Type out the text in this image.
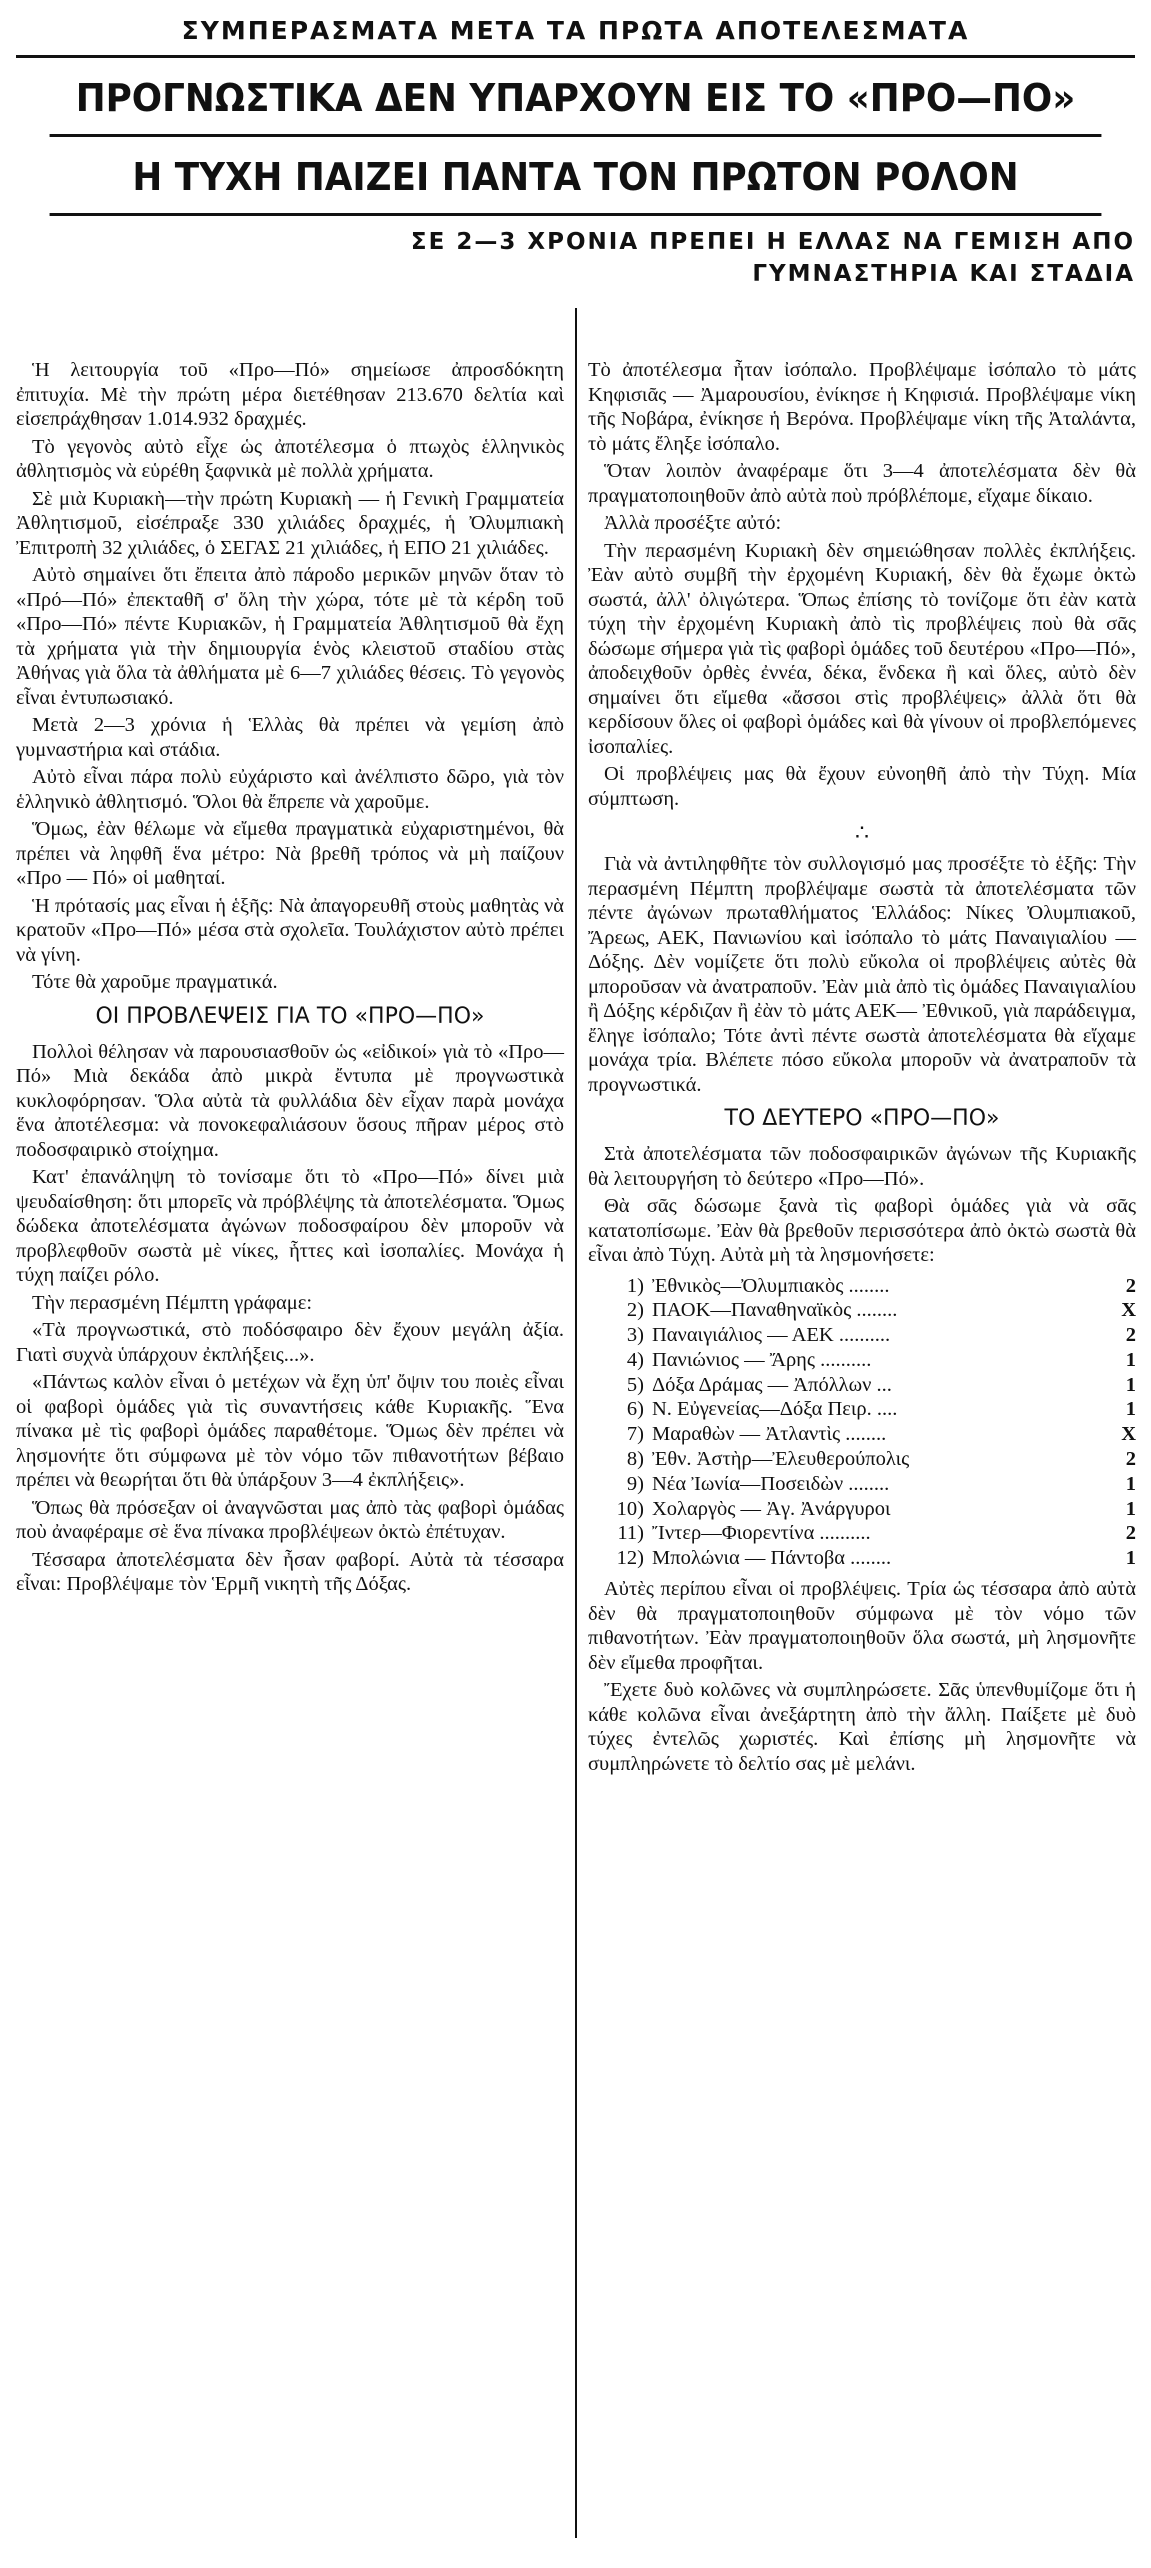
ΣΥΜΠΕΡΑΣΜΑΤΑ ΜΕΤΑ ΤΑ ΠΡΩΤΑ ΑΠΟΤΕΛΕΣΜΑΤΑ
ΠΡΟΓΝΩΣΤΙΚΑ ΔΕΝ ΥΠΑΡΧΟΥΝ ΕΙΣ ΤΟ «ΠΡΟ—ΠΟ»
Η ΤΥΧΗ ΠΑΙΖΕΙ ΠΑΝΤΑ ΤΟΝ ΠΡΩΤΟΝ ΡΟΛΟΝ
ΣΕ 2—3 ΧΡΟΝΙΑ ΠΡΕΠΕΙ Η ΕΛΛΑΣ ΝΑ ΓΕΜΙΣΗ ΑΠΟ ΓΥΜΝΑΣΤΗΡΙΑ ΚΑΙ ΣΤΑΔΙΑ

Ἡ λειτουργία τοῦ «Προ—Πό» σημείωσε ἀπροσδόκητη ἐπιτυχία. Μὲ τὴν πρώτη μέρα διετέθησαν 213.670 δελτία καὶ εἰσεπράχθησαν 1.014.932 δραχμές.

Τὸ γεγονὸς αὐτὸ εἶχε ὡς ἀποτέλεσμα ὁ πτωχὸς ἑλληνικὸς ἀθλητισμὸς νὰ εὑρέθη ξαφνικὰ μὲ πολλὰ χρήματα.

Σὲ μιὰ Κυριακὴ—τὴν πρώτη Κυριακὴ — ἡ Γενικὴ Γραμματεία Ἀθλητισμοῦ, εἰσέπραξε 330 χιλιάδες δραχμές, ἡ Ὀλυμπιακὴ Ἐπιτροπὴ 32 χιλιάδες, ὁ ΣΕΓΑΣ 21 χιλιάδες, ἡ ΕΠΟ 21 χιλιάδες.

Αὐτὸ σημαίνει ὅτι ἔπειτα ἀπὸ πάροδο μερικῶν μηνῶν ὅταν τὸ «Πρό—Πό» ἐπεκταθῆ σ' ὅλη τὴν χώρα, τότε μὲ τὰ κέρδη τοῦ «Προ—Πό» πέντε Κυριακῶν, ἡ Γραμματεία Ἀθλητισμοῦ θὰ ἔχη τὰ χρήματα γιὰ τὴν δημιουργία ἑνὸς κλειστοῦ σταδίου στὰς Ἀθήνας γιὰ ὅλα τὰ ἀθλήματα μὲ 6—7 χιλιάδες θέσεις. Τὸ γεγονὸς εἶναι ἐντυπωσιακό.

Μετὰ 2—3 χρόνια ἡ Ἑλλὰς θὰ πρέπει νὰ γεμίση ἀπὸ γυμναστήρια καὶ στάδια.

Αὐτὸ εἶναι πάρα πολὺ εὐχάριστο καὶ ἀνέλπιστο δῶρο, γιὰ τὸν ἑλληνικὸ ἀθλητισμό. Ὅλοι θὰ ἔπρεπε νὰ χαροῦμε.

Ὅμως, ἐὰν θέλωμε νὰ εἴμεθα πραγματικὰ εὐχαριστημένοι, θὰ πρέπει νὰ ληφθῆ ἕνα μέτρο: Νὰ βρεθῆ τρόπος νὰ μὴ παίζουν «Προ — Πό» οἱ μαθηταί.

Ἡ πρότασίς μας εἶναι ἡ ἑξῆς: Νὰ ἀπαγορευθῆ στοὺς μαθητὰς νὰ κρατοῦν «Προ—Πό» μέσα στὰ σχολεῖα. Τουλάχιστον αὐτὸ πρέπει νὰ γίνη.

Τότε θὰ χαροῦμε πραγματικά.

ΟΙ ΠΡΟΒΛΕΨΕΙΣ ΓΙΑ ΤΟ «ΠΡΟ—ΠΟ»

Πολλοὶ θέλησαν νὰ παρουσιασθοῦν ὡς «εἰδικοί» γιὰ τὸ «Προ—Πό» Μιὰ δεκάδα ἀπὸ μικρὰ ἔντυπα μὲ προγνωστικὰ κυκλοφόρησαν. Ὅλα αὐτὰ τὰ φυλλάδια δὲν εἶχαν παρὰ μονάχα ἕνα ἀποτέλεσμα: νὰ πονοκεφαλιάσουν ὅσους πῆραν μέρος στὸ ποδοσφαιρικὸ στοίχημα.

Κατ' ἐπανάληψη τὸ τονίσαμε ὅτι τὸ «Προ—Πό» δίνει μιὰ ψευδαίσθηση: ὅτι μπορεῖς νὰ πρόβλέψης τὰ ἀποτελέσματα. Ὅμως δώδεκα ἀποτελέσματα ἀγώνων ποδοσφαίρου δὲν μποροῦν νὰ προβλεφθοῦν σωστὰ μὲ νίκες, ἧττες καὶ ἰσοπαλίες. Μονάχα ἡ τύχη παίζει ρόλο.

Τὴν περασμένη Πέμπτη γράφαμε:

«Τὰ προγνωστικά, στὸ ποδόσφαιρο δὲν ἔχουν μεγάλη ἀξία. Γιατὶ συχνὰ ὑπάρχουν ἐκπλήξεις...».

«Πάντως καλὸν εἶναι ὁ μετέχων νὰ ἔχη ὑπ' ὄψιν του ποιὲς εἶναι οἱ φαβορὶ ὁμάδες γιὰ τὶς συναντήσεις κάθε Κυριακῆς. Ἕνα πίνακα μὲ τὶς φαβορὶ ὁμάδες παραθέτομε. Ὅμως δὲν πρέπει νὰ λησμονήτε ὅτι σύμφωνα μὲ τὸν νόμο τῶν πιθανοτήτων βέβαιο πρέπει νὰ θεωρήται ὅτι θὰ ὑπάρξουν 3—4 ἐκπλήξεις».

Ὅπως θὰ πρόσεξαν οἱ ἀναγνῶσται μας ἀπὸ τὰς φαβορὶ ὁμάδας ποὺ ἀναφέραμε σὲ ἕνα πίνακα προβλέψεων ὀκτὼ ἐπέτυχαν.

Τέσσαρα ἀποτελέσματα δὲν ἦσαν φαβορί. Αὐτὰ τὰ τέσσαρα εἶναι: Προβλέψαμε τὸν Ἑρμῆ νικητὴ τῆς Δόξας.

Τὸ ἀποτέλεσμα ἦταν ἰσόπαλο. Προβλέψαμε ἰσόπαλο τὸ μάτς Κηφισιᾶς — Ἀμαρουσίου, ἐνίκησε ἡ Κηφισιά. Προβλέψαμε νίκη τῆς Νοβάρα, ἐνίκησε ἡ Βερόνα. Προβλέψαμε νίκη τῆς Ἀταλάντα, τὸ μάτς ἔληξε ἰσόπαλο.

Ὅταν λοιπὸν ἀναφέραμε ὅτι 3—4 ἀποτελέσματα δὲν θὰ πραγματοποιηθοῦν ἀπὸ αὐτὰ ποὺ πρόβλέπομε, εἴχαμε δίκαιο.

Ἀλλὰ προσέξτε αὐτό:

Τὴν περασμένη Κυριακὴ δὲν σημειώθησαν πολλὲς ἐκπλήξεις. Ἐὰν αὐτὸ συμβῆ τὴν ἐρχομένη Κυριακή, δὲν θὰ ἔχωμε ὀκτὼ σωστά, ἀλλ' ὀλιγώτερα. Ὅπως ἐπίσης τὸ τονίζομε ὅτι ἐὰν κατὰ τύχη τὴν ἐρχομένη Κυριακὴ ἀπὸ τὶς προβλέψεις ποὺ θὰ σᾶς δώσωμε σήμερα γιὰ τὶς φαβορὶ ὁμάδες τοῦ δευτέρου «Προ—Πό», ἀποδειχθοῦν ὀρθὲς ἐννέα, δέκα, ἕνδεκα ἢ καὶ ὅλες, αὐτὸ δὲν σημαίνει ὅτι εἴμεθα «ἄσσοι στὶς προβλέψεις» ἀλλὰ ὅτι θὰ κερδίσουν ὅλες οἱ φαβορὶ ὁμάδες καὶ θὰ γίνουν οἱ προβλεπόμενες ἰσοπαλίες.

Οἱ προβλέψεις μας θὰ ἔχουν εὐνοηθῆ ἀπὸ τὴν Τύχη. Μία σύμπτωση.

∴

Γιὰ νὰ ἀντιληφθῆτε τὸν συλλογισμό μας προσέξτε τὸ ἑξῆς: Τὴν περασμένη Πέμπτη προβλέψαμε σωστὰ τὰ ἀποτελέσματα τῶν πέντε ἀγώνων πρωταθλήματος Ἑλλάδος: Νίκες Ὀλυμπιακοῦ, Ἄρεως, ΑΕΚ, Πανιωνίου καὶ ἰσόπαλο τὸ μάτς Παναιγιαλίου — Δόξης. Δὲν νομίζετε ὅτι πολὺ εὔκολα οἱ προβλέψεις αὐτὲς θὰ μποροῦσαν νὰ ἀνατραποῦν. Ἐὰν μιὰ ἀπὸ τὶς ὁμάδες Παναιγιαλίου ἢ Δόξης κέρδιζαν ἢ ἐὰν τὸ μάτς ΑΕΚ— Ἐθνικοῦ, γιὰ παράδειγμα, ἔληγε ἰσόπαλο; Τότε ἀντὶ πέντε σωστὰ ἀποτελέσματα θὰ εἴχαμε μονάχα τρία. Βλέπετε πόσο εὔκολα μποροῦν νὰ ἀνατραποῦν τὰ προγνωστικά.

ΤΟ ΔΕΥΤΕΡΟ «ΠΡΟ—ΠΟ»

Στὰ ἀποτελέσματα τῶν ποδοσφαιρικῶν ἀγώνων τῆς Κυριακῆς θὰ λειτουργήση τὸ δεύτερο «Προ—Πό».

Θὰ σᾶς δώσωμε ξανὰ τὶς φαβορὶ ὁμάδες γιὰ νὰ σᾶς κατατοπίσωμε. Ἐὰν θὰ βρεθοῦν περισσότερα ἀπὸ ὀκτὼ σωστὰ θὰ εἶναι ἀπὸ Τύχη. Αὐτὰ μὴ τὰ λησμονήσετε:

1) Ἐθνικὸς—Ὀλυμπιακὸς ........	2
2) ΠΑΟΚ—Παναθηναϊκὸς ........	X
3) Παναιγιάλιος — ΑΕΚ ..........	2
4) Πανιώνιος — Ἄρης ..........	1
5) Δόξα Δράμας — Ἀπόλλων ...	1
6) Ν. Εὐγενείας—Δόξα Πειρ. ....	1
7) Μαραθὼν — Ἀτλαντὶς ........	X
8) Ἐθν. Ἀστὴρ—Ἐλευθερούπολις	2
9) Νέα Ἰωνία—Ποσειδὼν ........	1
10) Χολαργὸς — Ἀγ. Ἀνάργυροι	1
11) Ἴντερ—Φιορεντίνα ..........	2
12) Μπολώνια — Πάντοβα ........	1

Αὐτὲς περίπου εἶναι οἱ προβλέψεις. Τρία ὡς τέσσαρα ἀπὸ αὐτὰ δὲν θὰ πραγματοποιηθοῦν σύμφωνα μὲ τὸν νόμο τῶν πιθανοτήτων. Ἐὰν πραγματοποιηθοῦν ὅλα σωστά, μὴ λησμονῆτε δὲν εἴμεθα προφῆται.

Ἔχετε δυὸ κολῶνες νὰ συμπληρώσετε. Σᾶς ὑπενθυμίζομε ὅτι ἡ κάθε κολῶνα εἶναι ἀνεξάρτητη ἀπὸ τὴν ἄλλη. Παίξετε μὲ δυὸ τύχες ἐντελῶς χωριστές. Καὶ ἐπίσης μὴ λησμονῆτε νὰ συμπληρώνετε τὸ δελτίο σας μὲ μελάνι.
